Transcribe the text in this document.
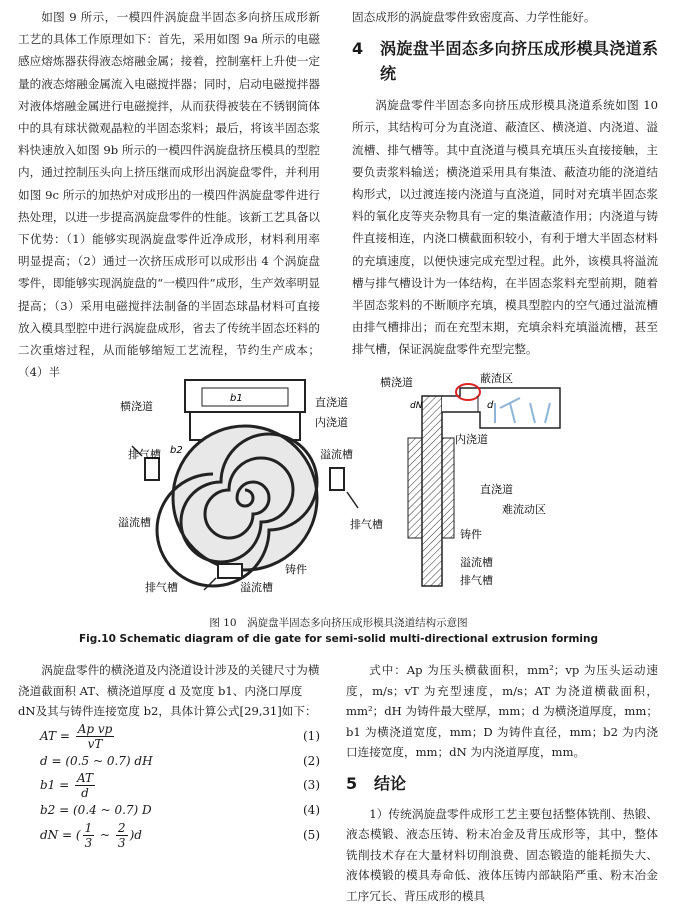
如图 9 所示，一模四件涡旋盘半固态多向挤压成形新工艺的具体工作原理如下：首先，采用如图 9a 所示的电磁感应熔炼器获得液态熔融金属；接着，控制塞杆上升使一定量的液态熔融金属流入电磁搅拌器；同时，启动电磁搅拌器对液体熔融金属进行电磁搅拌，从而获得被装在不锈钢筒体中的具有球状微观晶粒的半固态浆料；最后，将该半固态浆料快速放入如图 9b 所示的一模四件涡旋盘挤压模具的型腔内，通过控制压头向上挤压继而成形出涡旋盘零件，并利用如图 9c 所示的加热炉对成形出的一模四件涡旋盘零件进行热处理，以进一步提高涡旋盘零件的性能。该新工艺具备以下优势：（1）能够实现涡旋盘零件近净成形，材料利用率明显提高；（2）通过一次挤压成形可以成形出 4 个涡旋盘零件，即能够实现涡旋盘的“一模四件”成形，生产效率明显提高；（3）采用电磁搅拌法制备的半固态球晶材料可直接放入模具型腔中进行涡旋盘成形，省去了传统半固态坯料的二次重熔过程，从而能够缩短工艺流程，节约生产成本；（4）半

固态成形的涡旋盘零件致密度高、力学性能好。

4	涡旋盘半固态多向挤压成形模具浇道系统

涡旋盘零件半固态多向挤压成形模具浇道系统如图 10 所示，其结构可分为直浇道、蔽渣区、横浇道、内浇道、溢流槽、排气槽等。其中直浇道与模具充填压头直接接触，主要负责浆料输送；横浇道采用具有集渣、蔽渣功能的浇道结构形式，以过渡连接内浇道与直浇道，同时对充填半固态浆料的氧化皮等夹杂物具有一定的集渣蔽渣作用；内浇道与铸件直接相连，内浇口横截面积较小，有利于增大半固态材料的充填速度，以便快速完成充型过程。此外，该模具将溢流槽与排气槽设计为一体结构，在半固态浆料充型前期，随着半固态浆料的不断顺序充填，模具型腔内的空气通过溢流槽由排气槽排出；而在充型末期，充填余料充填溢流槽，甚至排气槽，保证涡旋盘零件充型完整。

b1
b2
横浇道	直浇道
内浇道
排气槽	溢流槽
溢流槽	排气槽
铸件
排气槽	溢流槽
横浇道	蔽渣区
dN	d
内浇道
直浇道
难流动区
铸件
溢流槽
排气槽
图 10　涡旋盘半固态多向挤压成形模具浇道结构示意图
Fig.10 Schematic diagram of die gate for semi-solid multi-directional extrusion forming

涡旋盘零件的横浇道及内浇道设计涉及的关键尺寸为横浇道截面积 AT、横浇道厚度 d 及宽度 b1、内浇口厚度 dN及其与铸件连接宽度 b2，具体计算公式[29,31]如下：

AT = $\frac{\text{Ap vp}}{vT}$	(1)
d = (0.5 ~ 0.7) dH	(2)
$b1 = \frac{AT}{d}$	(3)
b2 = (0.4 ~ 0.7) D	(4)
dN = ( $\frac{1}{3}$ ~ $\frac{2}{3} )d$	(5)

式中：Ap 为压头横截面积，mm²；vp 为压头运动速度，m/s；vT 为充型速度，m/s；AT 为浇道横截面积，mm²；dH 为铸件最大壁厚，mm；d 为横浇道厚度，mm；b1 为横浇道宽度，mm；D 为铸件直径，mm；b2 为内浇口连接宽度，mm；dN 为内浇道厚度，mm。

5	结论

1）传统涡旋盘零件成形工艺主要包括整体铣削、热锻、液态模锻、液态压铸、粉末冶金及背压成形等，其中，整体铣削技术存在大量材料切削浪费、固态锻造的能耗损失大、液体模锻的模具寿命低、液体压铸内部缺陷严重、粉末冶金工序冗长、背压成形的模具
